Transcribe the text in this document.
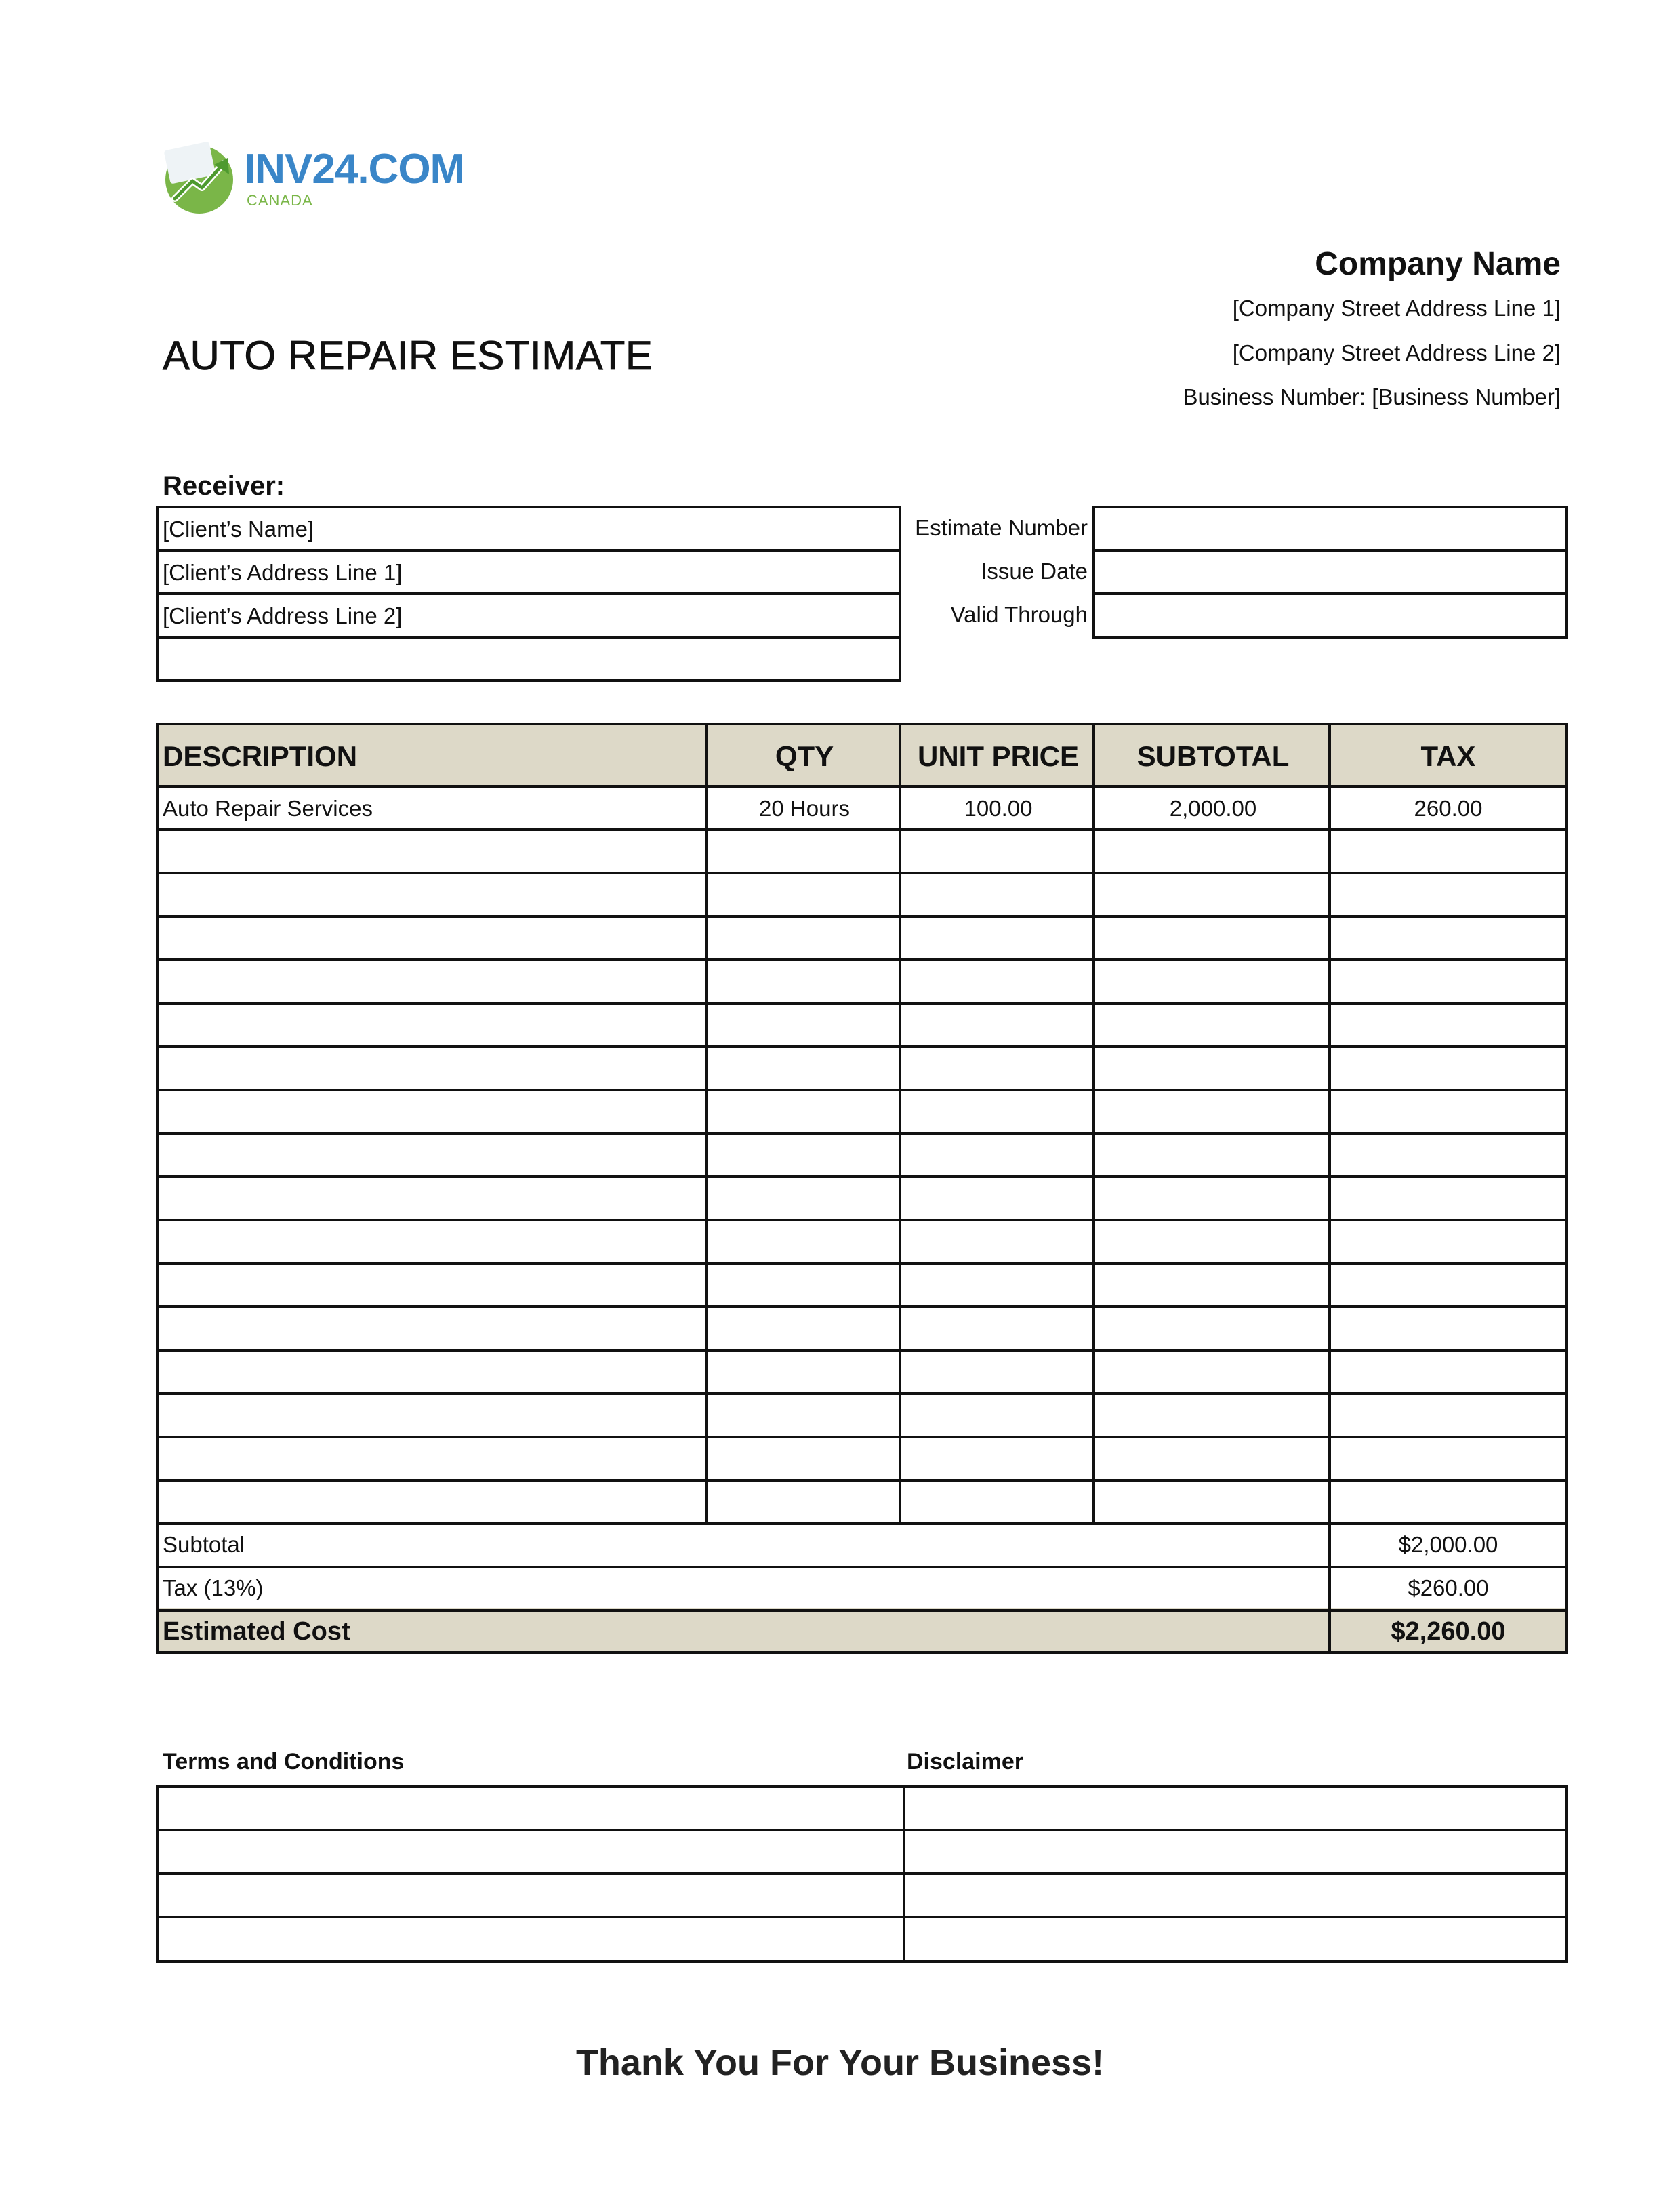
INV24.COM
CANADA
Company Name
[Company Street Address Line 1]
[Company Street Address Line 2]
Business Number: [Business Number]
AUTO REPAIR ESTIMATE
Receiver:
[Client’s Name]
[Client’s Address Line 1]
[Client’s Address Line 2]
Estimate Number
Issue Date
Valid Through
DESCRIPTION	QTY	UNIT PRICE	SUBTOTAL	TAX
Auto Repair Services	20 Hours	100.00	2,000.00	260.00
Subtotal	$2,000.00
Tax (13%)	$260.00
Estimated Cost	$2,260.00
Terms and Conditions	Disclaimer
Thank You For Your Business!
